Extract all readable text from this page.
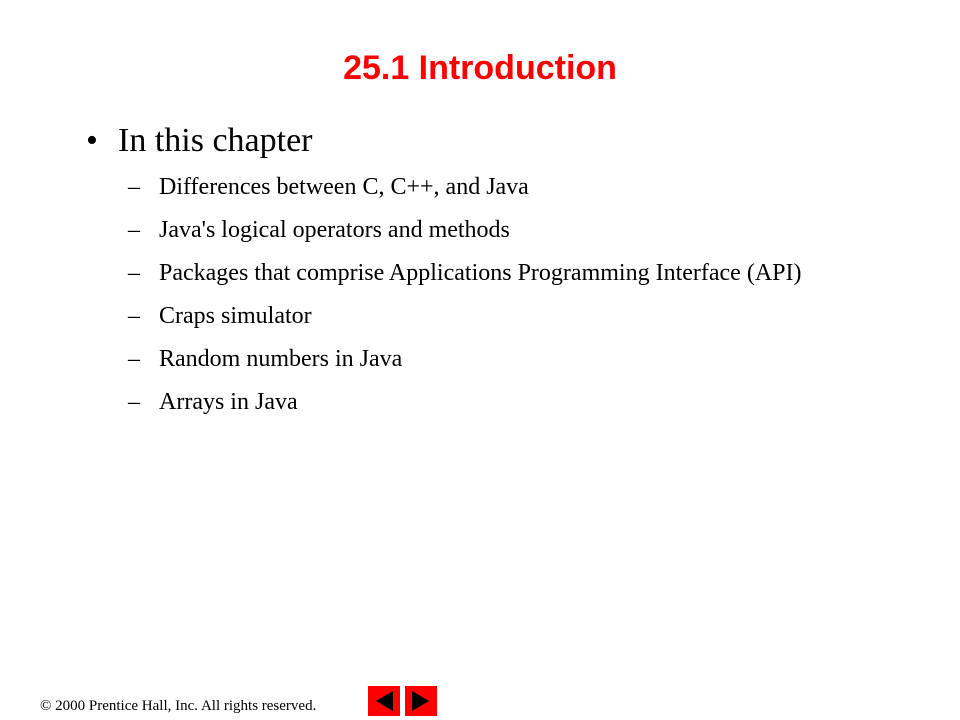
25.1	Introduction
• In this chapter
– Differences between C, C++, and Java
– Java's logical operators and methods
– Packages that comprise Applications Programming Interface (API)
– Craps simulator
– Random numbers in Java
– Arrays in Java
© 2000 Prentice Hall, Inc. All rights reserved.
